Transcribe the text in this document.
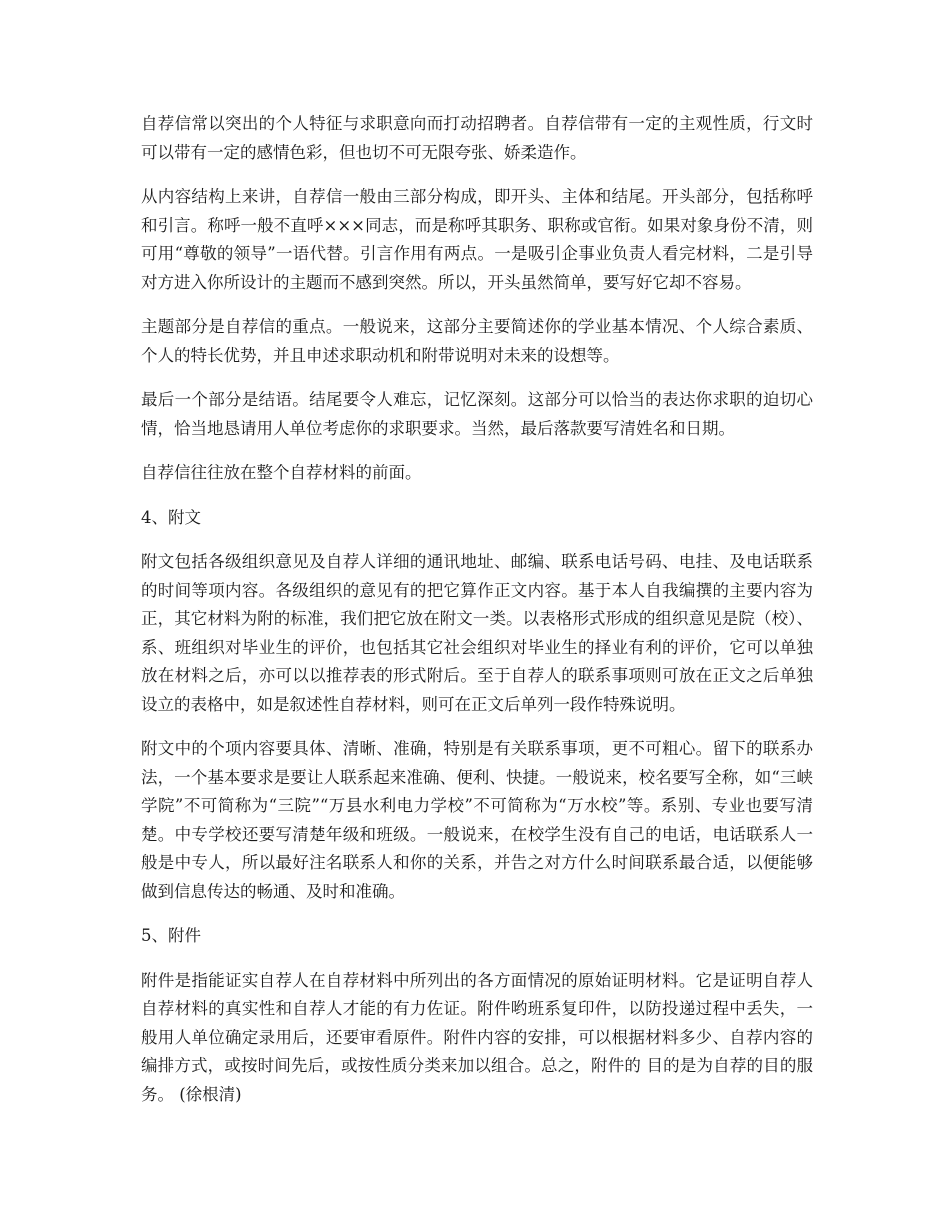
自荐信常以突出的个人特征与求职意向而打动招聘者。自荐信带有一定的主观性质，行文时可以带有一定的感情色彩，但也切不可无限夸张、娇柔造作。

从内容结构上来讲，自荐信一般由三部分构成，即开头、主体和结尾。开头部分，包括称呼和引言。称呼一般不直呼×××同志，而是称呼其职务、职称或官衔。如果对象身份不清，则可用“尊敬的领导”一语代替。引言作用有两点。一是吸引企事业负责人看完材料，二是引导对方进入你所设计的主题而不感到突然。所以，开头虽然简单，要写好它却不容易。

主题部分是自荐信的重点。一般说来，这部分主要简述你的学业基本情况、个人综合素质、个人的特长优势，并且申述求职动机和附带说明对未来的设想等。

最后一个部分是结语。结尾要令人难忘，记忆深刻。这部分可以恰当的表达你求职的迫切心情，恰当地恳请用人单位考虑你的求职要求。当然，最后落款要写清姓名和日期。

自荐信往往放在整个自荐材料的前面。

4、附文

附文包括各级组织意见及自荐人详细的通讯地址、邮编、联系电话号码、电挂、及电话联系的时间等项内容。各级组织的意见有的把它算作正文内容。基于本人自我编撰的主要内容为正，其它材料为附的标准，我们把它放在附文一类。以表格形式形成的组织意见是院（校）、系、班组织对毕业生的评价，也包括其它社会组织对毕业生的择业有利的评价，它可以单独放在材料之后，亦可以以推荐表的形式附后。至于自荐人的联系事项则可放在正文之后单独设立的表格中，如是叙述性自荐材料，则可在正文后单列一段作特殊说明。

附文中的个项内容要具体、清晰、准确，特别是有关联系事项，更不可粗心。留下的联系办法，一个基本要求是要让人联系起来准确、便利、快捷。一般说来，校名要写全称，如“三峡学院”不可简称为“三院”“万县水利电力学校”不可简称为“万水校”等。系别、专业也要写清楚。中专学校还要写清楚年级和班级。一般说来，在校学生没有自己的电话，电话联系人一般是中专人，所以最好注名联系人和你的关系，并告之对方什么时间联系最合适，以便能够做到信息传达的畅通、及时和准确。

5、附件

附件是指能证实自荐人在自荐材料中所列出的各方面情况的原始证明材料。它是证明自荐人自荐材料的真实性和自荐人才能的有力佐证。附件哟班系复印件，以防投递过程中丢失，一般用人单位确定录用后，还要审看原件。附件内容的安排，可以根据材料多少、自荐内容的编排方式，或按时间先后，或按性质分类来加以组合。总之，附件的 目的是为自荐的目的服务。 (徐根清)
